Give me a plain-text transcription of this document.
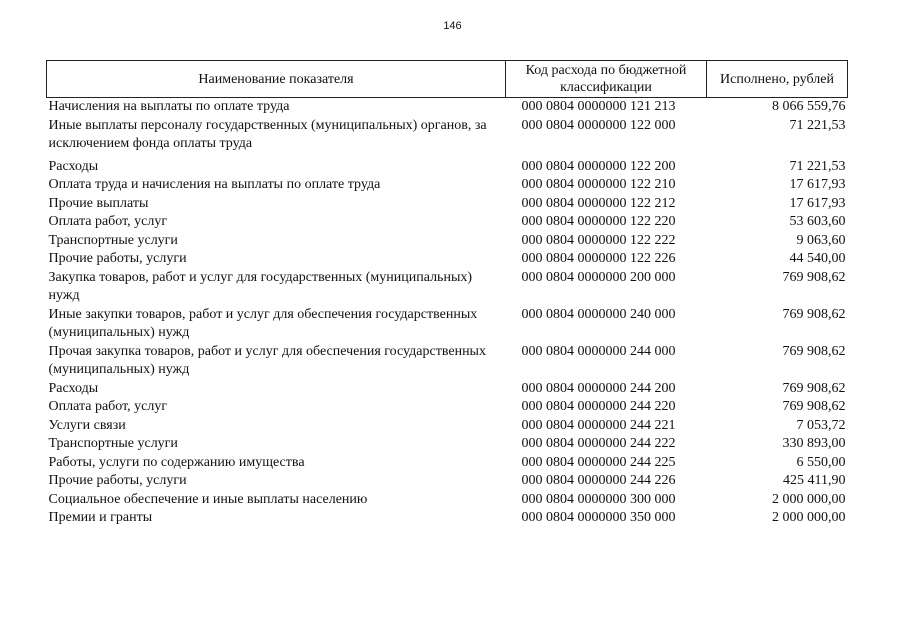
146
Наименование показателя	Код расхода по бюджетной классификации	Исполнено, рублей
Начисления на выплаты по оплате труда	000 0804 0000000 121 213	8 066 559,76
Иные выплаты персоналу государственных (муниципальных) органов, за исключением фонда оплаты труда	000 0804 0000000 122 000	71 221,53
Расходы	000 0804 0000000 122 200	71 221,53
Оплата труда и начисления на выплаты по оплате труда	000 0804 0000000 122 210	17 617,93
Прочие выплаты	000 0804 0000000 122 212	17 617,93
Оплата работ, услуг	000 0804 0000000 122 220	53 603,60
Транспортные услуги	000 0804 0000000 122 222	9 063,60
Прочие работы, услуги	000 0804 0000000 122 226	44 540,00
Закупка товаров, работ и услуг для государственных (муниципальных) нужд	000 0804 0000000 200 000	769 908,62
Иные закупки товаров, работ и услуг для обеспечения государственных (муниципальных) нужд	000 0804 0000000 240 000	769 908,62
Прочая закупка товаров, работ и услуг для обеспечения государственных (муниципальных) нужд	000 0804 0000000 244 000	769 908,62
Расходы	000 0804 0000000 244 200	769 908,62
Оплата работ, услуг	000 0804 0000000 244 220	769 908,62
Услуги связи	000 0804 0000000 244 221	7 053,72
Транспортные услуги	000 0804 0000000 244 222	330 893,00
Работы, услуги по содержанию имущества	000 0804 0000000 244 225	6 550,00
Прочие работы, услуги	000 0804 0000000 244 226	425 411,90
Социальное обеспечение и иные выплаты населению	000 0804 0000000 300 000	2 000 000,00
Премии и гранты	000 0804 0000000 350 000	2 000 000,00
